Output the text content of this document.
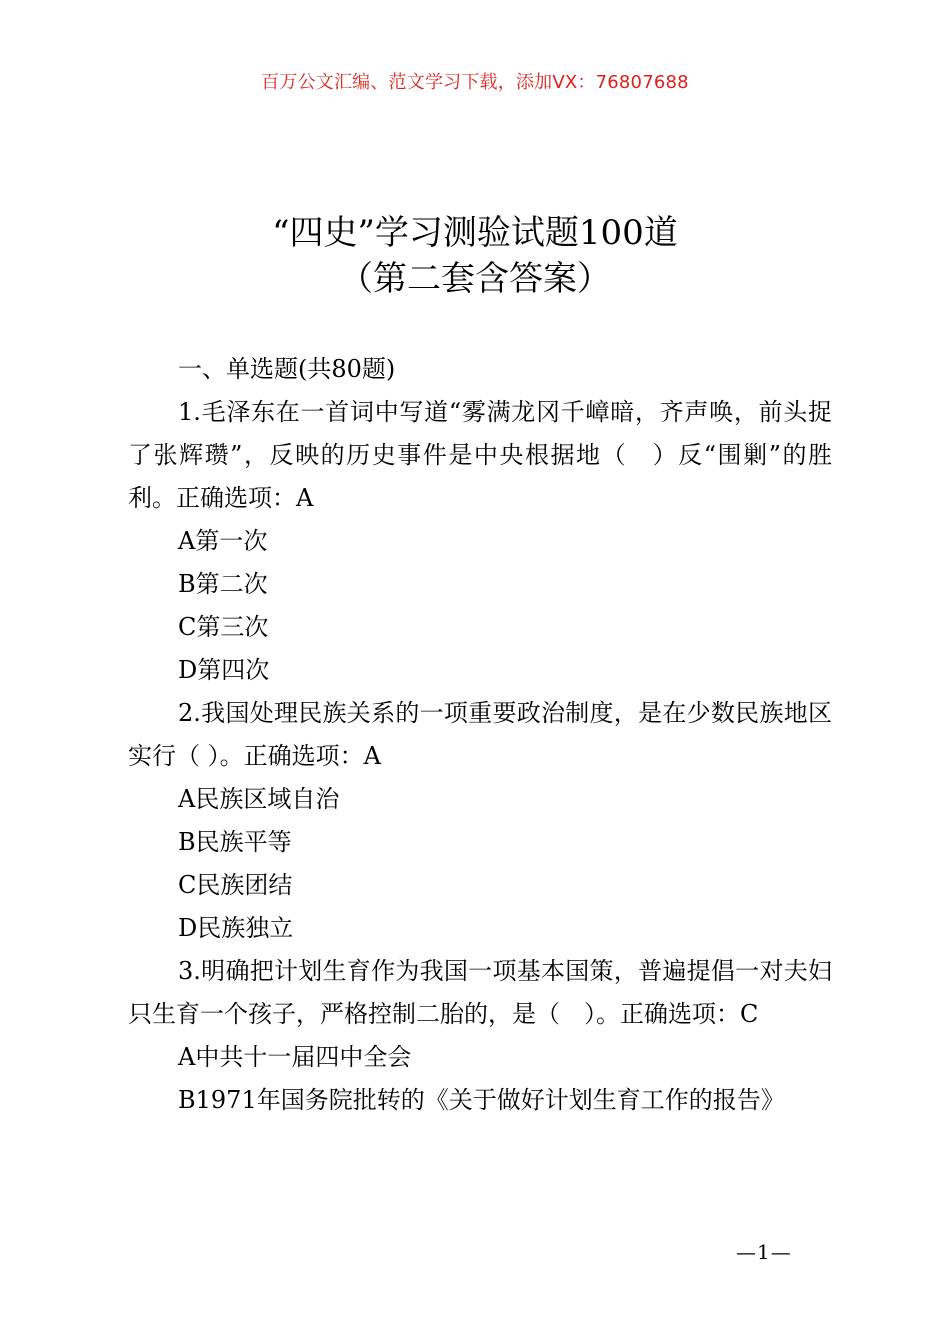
百万公文汇编、范文学习下载，添加VX：76807688
“四史”学习测验试题100道
（第二套含答案）

一、单选题(共80题)

1.毛泽东在一首词中写道“雾满龙冈千嶂暗，齐声唤，前头捉了张辉瓒”，反映的历史事件是中央根据地（　）反“围剿”的胜利。正确选项：A

A第一次

B第二次

C第三次

D第四次

2.我国处理民族关系的一项重要政治制度，是在少数民族地区实行（ ）。正确选项：A

A民族区域自治

B民族平等

C民族团结

D民族独立

3.明确把计划生育作为我国一项基本国策，普遍提倡一对夫妇只生育一个孩子，严格控制二胎的，是（　）。正确选项：C

A中共十一届四中全会

B1971年国务院批转的《关于做好计划生育工作的报告》

—1—
